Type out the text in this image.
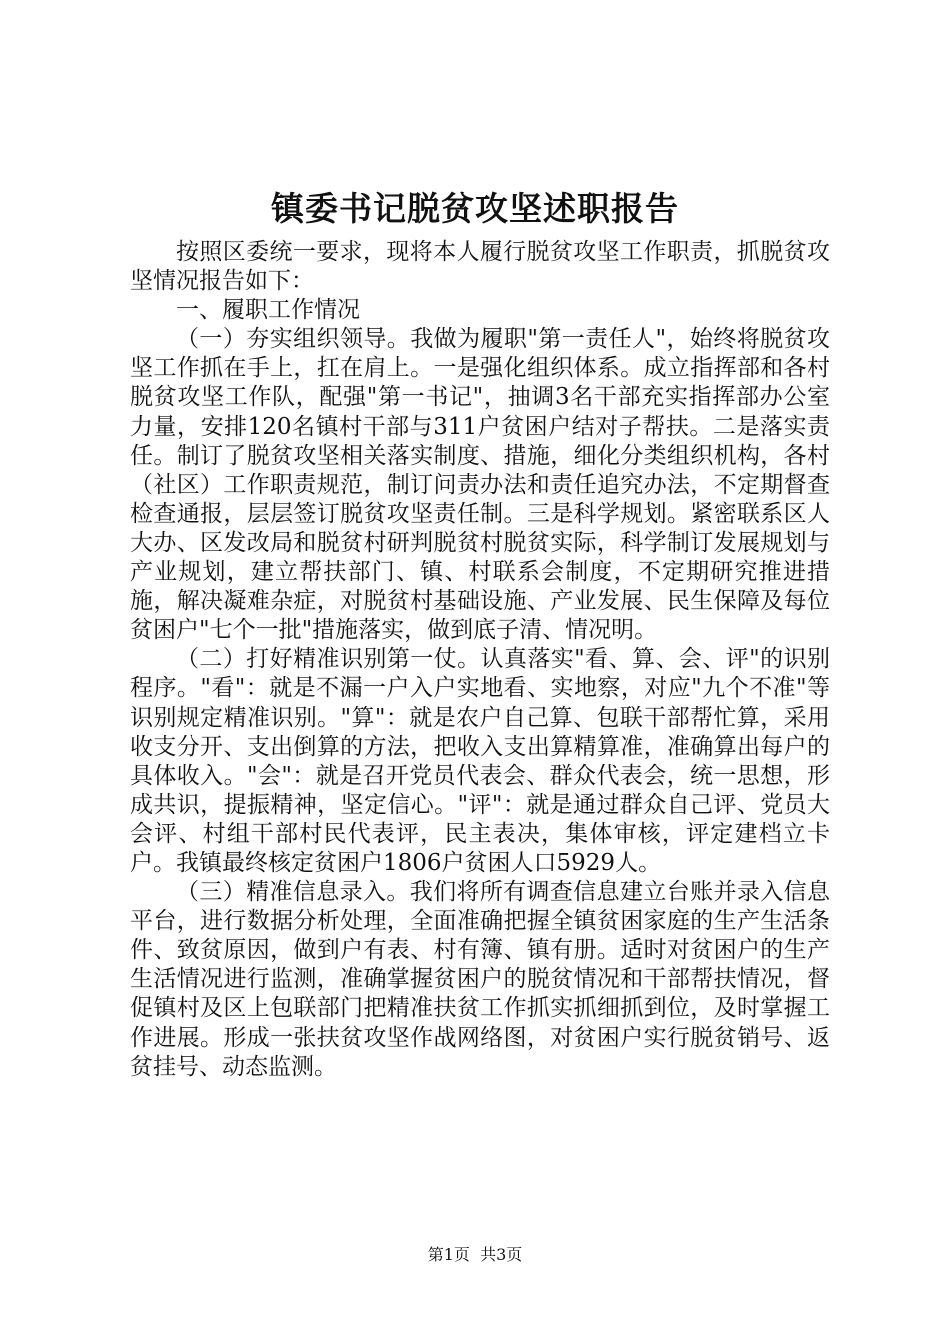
镇委书记脱贫攻坚述职报告

按照区委统一要求，现将本人履行脱贫攻坚工作职责，抓脱贫攻坚情况报告如下：

一、履职工作情况

（一）夯实组织领导。我做为履职"第一责任人"，始终将脱贫攻坚工作抓在手上，扛在肩上。一是强化组织体系。成立指挥部和各村脱贫攻坚工作队，配强"第一书记"，抽调3名干部充实指挥部办公室力量，安排120名镇村干部与311户贫困户结对子帮扶。二是落实责任。制订了脱贫攻坚相关落实制度、措施，细化分类组织机构，各村（社区）工作职责规范，制订问责办法和责任追究办法，不定期督查检查通报，层层签订脱贫攻坚责任制。三是科学规划。紧密联系区人大办、区发改局和脱贫村研判脱贫村脱贫实际，科学制订发展规划与产业规划，建立帮扶部门、镇、村联系会制度，不定期研究推进措施，解决凝难杂症，对脱贫村基础设施、产业发展、民生保障及每位贫困户"七个一批"措施落实，做到底子清、情况明。

（二）打好精准识别第一仗。认真落实"看、算、会、评"的识别程序。"看"：就是不漏一户入户实地看、实地察，对应"九个不准"等识别规定精准识别。"算"：就是农户自己算、包联干部帮忙算，采用收支分开、支出倒算的方法，把收入支出算精算准，准确算出每户的具体收入。"会"：就是召开党员代表会、群众代表会，统一思想，形成共识，提振精神，坚定信心。"评"：就是通过群众自己评、党员大会评、村组干部村民代表评，民主表决，集体审核，评定建档立卡户。我镇最终核定贫困户1806户贫困人口5929人。

（三）精准信息录入。我们将所有调查信息建立台账并录入信息平台，进行数据分析处理，全面准确把握全镇贫困家庭的生产生活条件、致贫原因，做到户有表、村有簿、镇有册。适时对贫困户的生产生活情况进行监测，准确掌握贫困户的脱贫情况和干部帮扶情况，督促镇村及区上包联部门把精准扶贫工作抓实抓细抓到位，及时掌握工作进展。形成一张扶贫攻坚作战网络图，对贫困户实行脱贫销号、返贫挂号、动态监测。

第1页 共3页
